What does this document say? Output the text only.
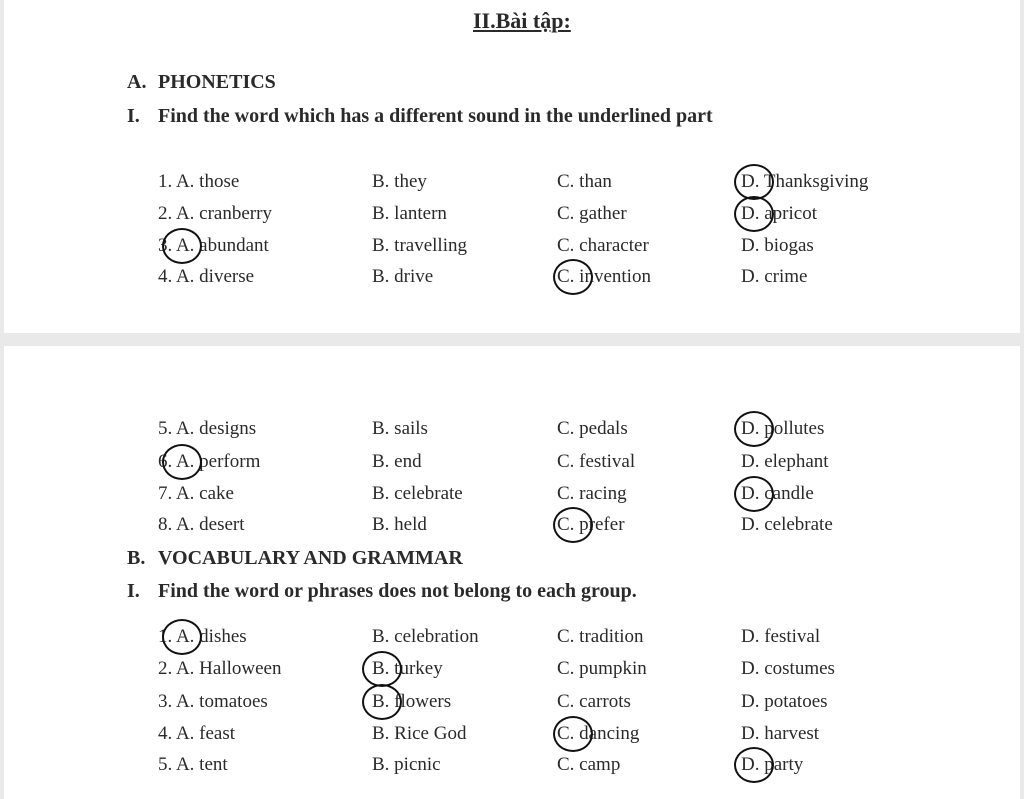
II.Bài tập:
A. PHONETICS
I. Find the word which has a different sound in the underlined part
1. A. those	B. they	C. than	D. Thanksgiving
2. A. cranberry	B. lantern	C. gather	D. apricot
3. A. abundant	B. travelling	C. character	D. biogas
4. A. diverse	B. drive	C. invention	D. crime
B. VOCABULARY AND GRAMMAR
I. Find the word or phrases does not belong to each group.
5. A. designs	B. sails	C. pedals	D. pollutes
6. A. perform	B. end	C. festival	D. elephant
7. A. cake	B. celebrate	C. racing	D. candle
8. A. desert	B. held	C. prefer	D. celebrate
1. A. dishes	B. celebration	C. tradition	D. festival
2. A. Halloween	B. turkey	C. pumpkin	D. costumes
3. A. tomatoes	B. flowers	C. carrots	D. potatoes
4. A. feast	B. Rice God	C. dancing	D. harvest
5. A. tent	B. picnic	C. camp	D. party
